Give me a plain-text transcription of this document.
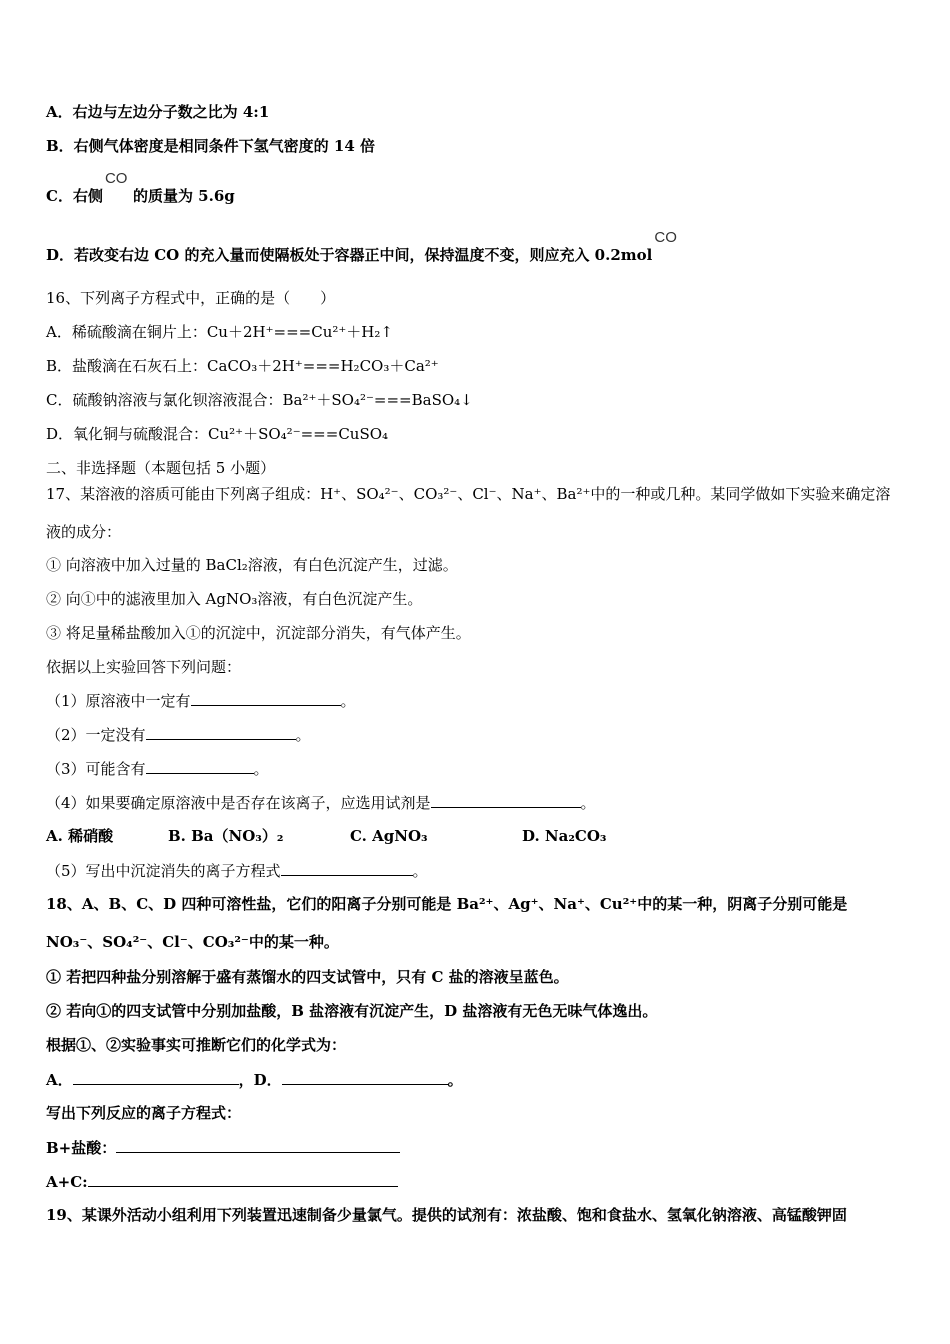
A．右边与左边分子数之比为 4:1
B．右侧气体密度是相同条件下氢气密度的 14 倍
C．右侧
CO
的质量为 5.6g
D．若改变右边 CO 的充入量而使隔板处于容器正中间，保持温度不变，则应充入 0.2mol
CO
16、下列离子方程式中，正确的是（　　）
A．稀硫酸滴在铜片上：Cu＋2H⁺===Cu²⁺＋H₂↑
B．盐酸滴在石灰石上：CaCO₃＋2H⁺===H₂CO₃＋Ca²⁺
C．硫酸钠溶液与氯化钡溶液混合：Ba²⁺＋SO₄²⁻===BaSO₄↓
D．氧化铜与硫酸混合：Cu²⁺＋SO₄²⁻===CuSO₄
二、非选择题（本题包括 5 小题）
17、某溶液的溶质可能由下列离子组成：H⁺、SO₄²⁻、CO₃²⁻、Cl⁻、Na⁺、Ba²⁺中的一种或几种。某同学做如下实验来确定溶
液的成分：
① 向溶液中加入过量的 BaCl₂溶液，有白色沉淀产生，过滤。
② 向①中的滤液里加入 AgNO₃溶液，有白色沉淀产生。
③ 将足量稀盐酸加入①的沉淀中，沉淀部分消失，有气体产生。
依据以上实验回答下列问题：
（1）原溶液中一定有	。
（2）一定没有	。
（3）可能含有	。
（4）如果要确定原溶液中是否存在该离子，应选用试剂是	。
A. 稀硝酸	B. Ba（NO₃）₂	C. AgNO₃	D. Na₂CO₃
（5）写出中沉淀消失的离子方程式	。
18、A、B、C、D 四种可溶性盐，它们的阳离子分别可能是 Ba²⁺、Ag⁺、Na⁺、Cu²⁺中的某一种，阴离子分别可能是
NO₃⁻、SO₄²⁻、Cl⁻、CO₃²⁻中的某一种。
① 若把四种盐分别溶解于盛有蒸馏水的四支试管中，只有 C 盐的溶液呈蓝色。
② 若向①的四支试管中分别加盐酸，B 盐溶液有沉淀产生，D 盐溶液有无色无味气体逸出。
根据①、②实验事实可推断它们的化学式为：
A．	，D．	。
写出下列反应的离子方程式：
B+盐酸：
A+C:
19、某课外活动小组利用下列装置迅速制备少量氯气。提供的试剂有：浓盐酸、饱和食盐水、氢氧化钠溶液、高锰酸钾固
